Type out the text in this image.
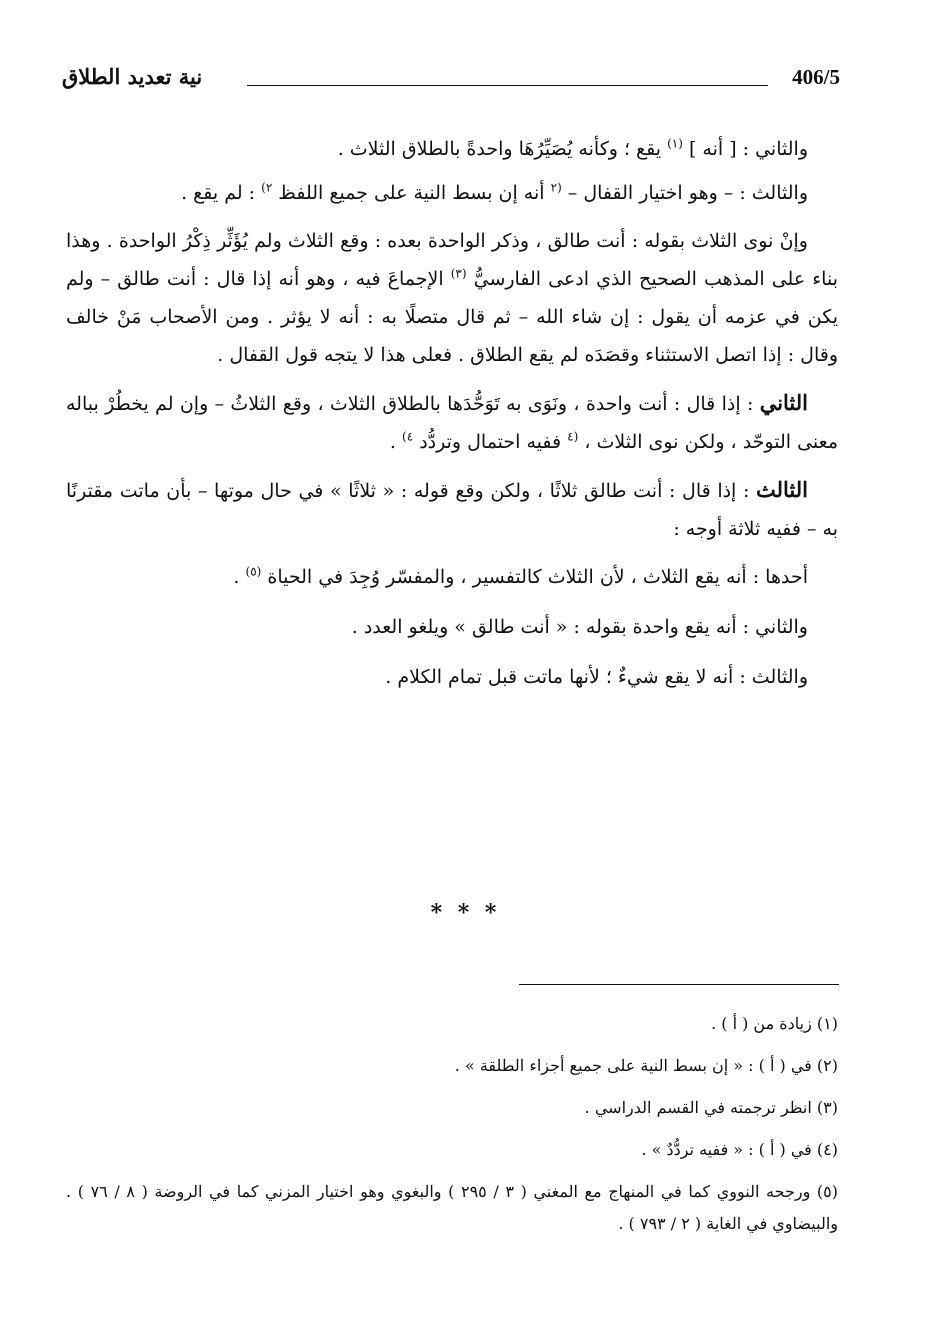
نية تعديد الطلاق	406/5

والثاني : [ أنه ] $^{(١)}$ يقع ؛ وكأنه يُصَيِّرُهَا واحدةً بالطلاق الثلاث .

والثالث : – وهو اختيار القفال – $^{(٢}$ أنه إن بسط النية على جميع اللفظ $^{٢)}$ : لم يقع .

وإنْ نوى الثلاث بقوله : أنت طالق ، وذكر الواحدة بعده : وقع الثلاث ولم يُؤَثِّر ذِكْرُ الواحدة . وهذا بناء على المذهب الصحيح الذي ادعى الفارسيُّ $^{(٣)}$ الإجماعَ فيه ، وهو أنه إذا قال : أنت طالق – ولم يكن في عزمه أن يقول : إن شاء الله – ثم قال متصلًا به : أنه لا يؤثر . ومن الأصحاب مَنْ خالف وقال : إذا اتصل الاستثناء وقصَدَه لم يقع الطلاق . فعلى هذا لا يتجه قول القفال .

الثاني : إذا قال : أنت واحدة ، ونَوَى به تَوَحُّدَها بالطلاق الثلاث ، وقع الثلاثُ – وإن لم يخطُرْ بباله معنى التوحّد ، ولكن نوى الثلاث ، $^{(٤}$ ففيه احتمال وتردُّد $^{٤)}$ .

الثالث : إذا قال : أنت طالق ثلاثًا ، ولكن وقع قوله : « ثلاثًا » في حال موتها – بأن ماتت مقترنًا به – ففيه ثلاثة أوجه :

أحدها : أنه يقع الثلاث ، لأن الثلاث كالتفسير ، والمفسّر وُجِدَ في الحياة $^{(٥)}$ .

والثاني : أنه يقع واحدة بقوله : « أنت طالق » ويلغو العدد .

والثالث : أنه لا يقع شيءٌ ؛ لأنها ماتت قبل تمام الكلام .

* * *

(١) زيادة من ( أ ) .

(٢) في ( أ ) : « إن بسط النية على جميع أجزاء الطلقة » .

(٣) انظر ترجمته في القسم الدراسي .

(٤) في ( أ ) : « ففيه تردُّدٌ » .

(٥) ورجحه النووي كما في المنهاج مع المغني ( ٣ / ٢٩٥ ) والبغوي وهو اختيار المزني كما في الروضة ( ٨ / ٧٦ ) . والبيضاوي في الغاية ( ٢ / ٧٩٣ ) .
